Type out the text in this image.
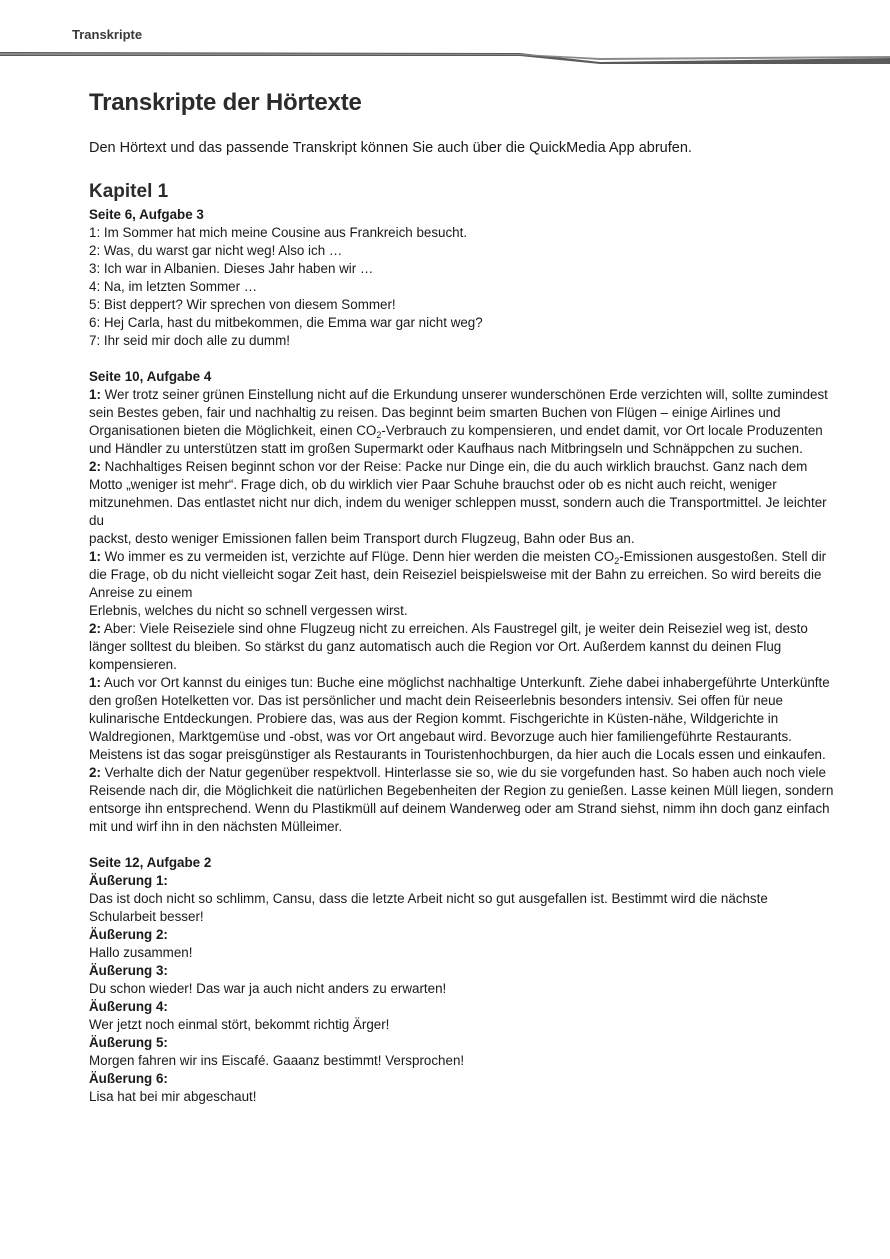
Transkripte
Transkripte der Hörtexte

Den Hörtext und das passende Transkript können Sie auch über die QuickMedia App abrufen.

Kapitel 1
Seite 6, Aufgabe 3
1: Im Sommer hat mich meine Cousine aus Frankreich besucht.
2: Was, du warst gar nicht weg! Also ich …
3: Ich war in Albanien. Dieses Jahr haben wir …
4: Na, im letzten Sommer …
5: Bist deppert? Wir sprechen von diesem Sommer!
6: Hej Carla, hast du mitbekommen, die Emma war gar nicht weg?
7: Ihr seid mir doch alle zu dumm!
Seite 10, Aufgabe 4
1: Wer trotz seiner grünen Einstellung nicht auf die Erkundung unserer wunderschönen Erde verzichten will, sollte zumindest sein Bestes geben, fair und nachhaltig zu reisen. Das beginnt beim smarten Buchen von Flügen – einige Airlines und Organisationen bieten die Möglichkeit, einen $CO_2$-Verbrauch zu kompensieren, und endet damit, vor Ort locale Produzenten und Händler zu unterstützen statt im großen Supermarkt oder Kaufhaus nach Mitbringseln und Schnäppchen zu suchen.
2: Nachhaltiges Reisen beginnt schon vor der Reise: Packe nur Dinge ein, die du auch wirklich brauchst. Ganz nach dem Motto „weniger ist mehr“. Frage dich, ob du wirklich vier Paar Schuhe brauchst oder ob es nicht auch reicht, weniger mitzunehmen. Das entlastet nicht nur dich, indem du weniger schleppen musst, sondern auch die Transportmittel. Je leichter du
packst, desto weniger Emissionen fallen beim Transport durch Flugzeug, Bahn oder Bus an.
1: Wo immer es zu vermeiden ist, verzichte auf Flüge. Denn hier werden die meisten $CO_2$-Emissionen ausgestoßen. Stell dir die Frage, ob du nicht vielleicht sogar Zeit hast, dein Reiseziel beispielsweise mit der Bahn zu erreichen. So wird bereits die Anreise zu einem
Erlebnis, welches du nicht so schnell vergessen wirst.
2: Aber: Viele Reiseziele sind ohne Flugzeug nicht zu erreichen. Als Faustregel gilt, je weiter dein Reiseziel weg ist, desto länger solltest du bleiben. So stärkst du ganz automatisch auch die Region vor Ort. Außerdem kannst du deinen Flug kompensieren.
1: Auch vor Ort kannst du einiges tun: Buche eine möglichst nachhaltige Unterkunft. Ziehe dabei inhabergeführte Unterkünfte den großen Hotelketten vor. Das ist persönlicher und macht dein Reiseerlebnis besonders intensiv. Sei offen für neue kulinarische Entdeckungen. Probiere das, was aus der Region kommt. Fischgerichte in Küsten-nähe, Wildgerichte in Waldregionen, Marktgemüse und -obst, was vor Ort angebaut wird. Bevorzuge auch hier familiengeführte Restaurants. Meistens ist das sogar preisgünstiger als Restaurants in Touristenhochburgen, da hier auch die Locals essen und einkaufen.
2: Verhalte dich der Natur gegenüber respektvoll. Hinterlasse sie so, wie du sie vorgefunden hast. So haben auch noch viele Reisende nach dir, die Möglichkeit die natürlichen Begebenheiten der Region zu genießen. Lasse keinen Müll liegen, sondern entsorge ihn entsprechend. Wenn du Plastikmüll auf deinem Wanderweg oder am Strand siehst, nimm ihn doch ganz einfach mit und wirf ihn in den nächsten Mülleimer.
Seite 12, Aufgabe 2
Äußerung 1:
Das ist doch nicht so schlimm, Cansu, dass die letzte Arbeit nicht so gut ausgefallen ist. Bestimmt wird die nächste Schularbeit besser!
Äußerung 2:
Hallo zusammen!
Äußerung 3:
Du schon wieder! Das war ja auch nicht anders zu erwarten!
Äußerung 4:
Wer jetzt noch einmal stört, bekommt richtig Ärger!
Äußerung 5:
Morgen fahren wir ins Eiscafé. Gaaanz bestimmt! Versprochen!
Äußerung 6:
Lisa hat bei mir abgeschaut!
